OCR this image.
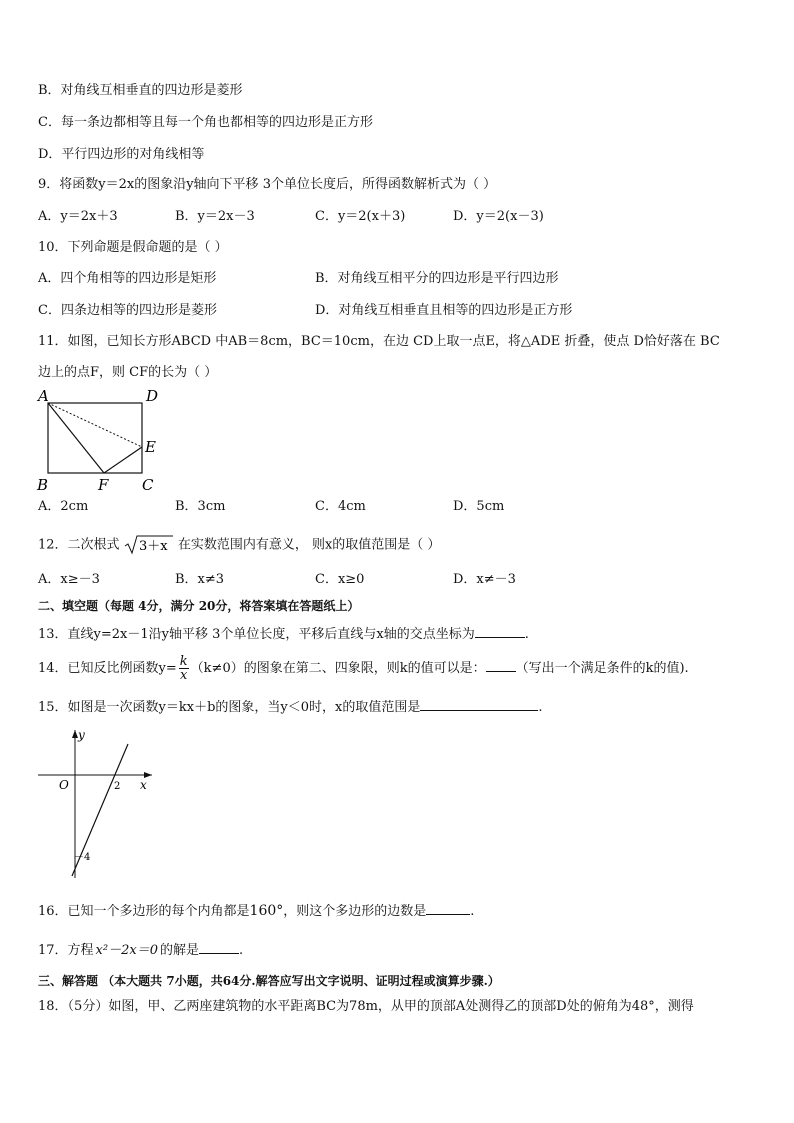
B．对角线互相垂直的四边形是菱形
C．每一条边都相等且每一个角也都相等的四边形是正方形
D．平行四边形的对角线相等
9．将函数y＝2x的图象沿y轴向下平移 3个单位长度后，所得函数解析式为（ ）
A．y＝2x＋3	B．y＝2x－3	C．y＝2(x＋3)	D．y＝2(x－3)
10．下列命题是假命题的是（ ）
A．四个角相等的四边形是矩形	B．对角线互相平分的四边形是平行四边形
C．四条边相等的四边形是菱形	D．对角线互相垂直且相等的四边形是正方形
11．如图，已知长方形ABCD 中AB＝8cm，BC＝10cm，在边 CD上取一点E，将△ADE 折叠，使点 D恰好落在 BC
边上的点F，则 CF的长为（ ）
A	D
E
B	F C
A．2cm	B．3cm	C．4cm	D．5cm
12．二次根式 3＋x 在实数范围内有意义， 则x的取值范围是（ ）
A．x≥－3	B．x≠3	C．x≥0	D．x≠－3
二、填空题（每题 4分，满分 20分，将答案填在答题纸上）
13．直线y=2x－1沿y轴平移 3个单位长度，平移后直线与x轴的交点坐标为	.
14．已知反比例函数$y= \frac{k}{x} (k\ne 0)$的图象在第二、四象限，则k的值可以是： （写出一个满足条件的k的值).
15．如图是一次函数y＝kx＋b的图象，当y＜0时，x的取值范围是	.
y
x
O	2
－4
16．已知一个多边形的每个内角都是160°，则这个多边形的边数是	.
17．方程 x²－2x＝0 的解是	.
三、解答题 （本大题共 7小题，共64分.解答应写出文字说明、证明过程或演算步骤.）
18．（5分）如图，甲、乙两座建筑物的水平距离BC为78m，从甲的顶部A处测得乙的顶部D处的俯角为48°，测得
